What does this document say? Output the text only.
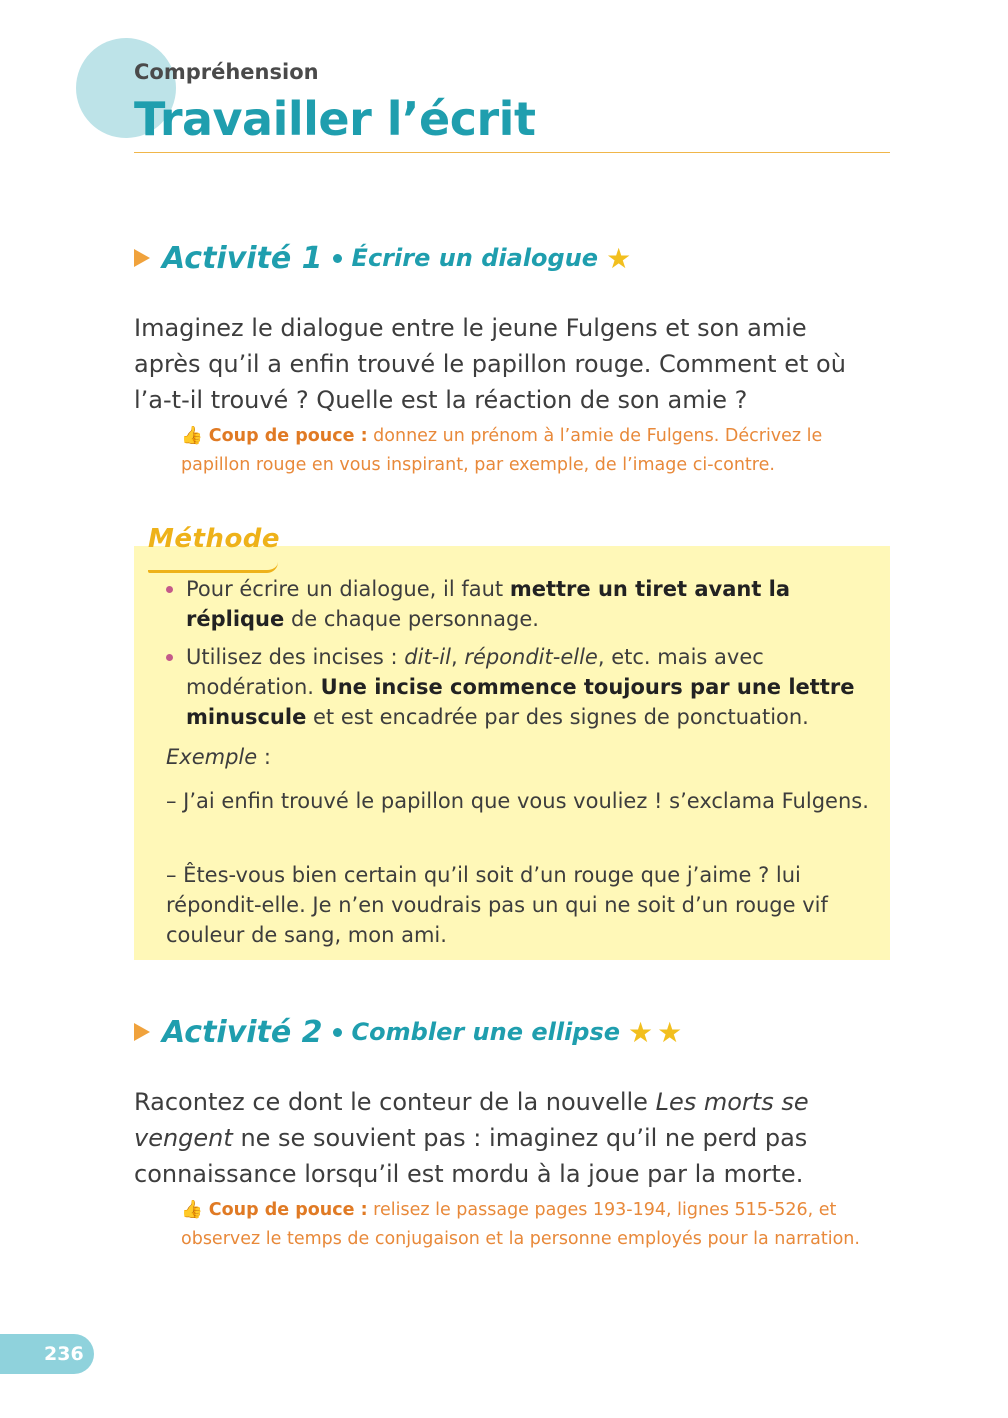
Compréhension
Travailler l’écrit
Activité 1 Écrire un dialogue ★

Imaginez le dialogue entre le jeune Fulgens et son amie après qu’il a enfin trouvé le papillon rouge. Comment et où l’a-t-il trouvé ? Quelle est la réaction de son amie ?

👍 Coup de pouce : donnez un prénom à l’amie de Fulgens. Décrivez le papillon rouge en vous inspirant, par exemple, de l’image ci-contre.

Méthode
Pour écrire un dialogue, il faut mettre un tiret avant la réplique de chaque personnage.
Utilisez des incises : dit-il, répondit-elle, etc. mais avec modération. Une incise commence toujours par une lettre minuscule et est encadrée par des signes de ponctuation.

Exemple :

– J’ai enfin trouvé le papillon que vous vouliez ! s’exclama Fulgens.

– Êtes-vous bien certain qu’il soit d’un rouge que j’aime ? lui répondit-elle. Je n’en voudrais pas un qui ne soit d’un rouge vif couleur de sang, mon ami.

Activité 2 Combler une ellipse ★ ★

Racontez ce dont le conteur de la nouvelle Les morts se vengent ne se souvient pas : imaginez qu’il ne perd pas connaissance lorsqu’il est mordu à la joue par la morte.

👍 Coup de pouce : relisez le passage pages 193-194, lignes 515-526, et observez le temps de conjugaison et la personne employés pour la narration.

236
